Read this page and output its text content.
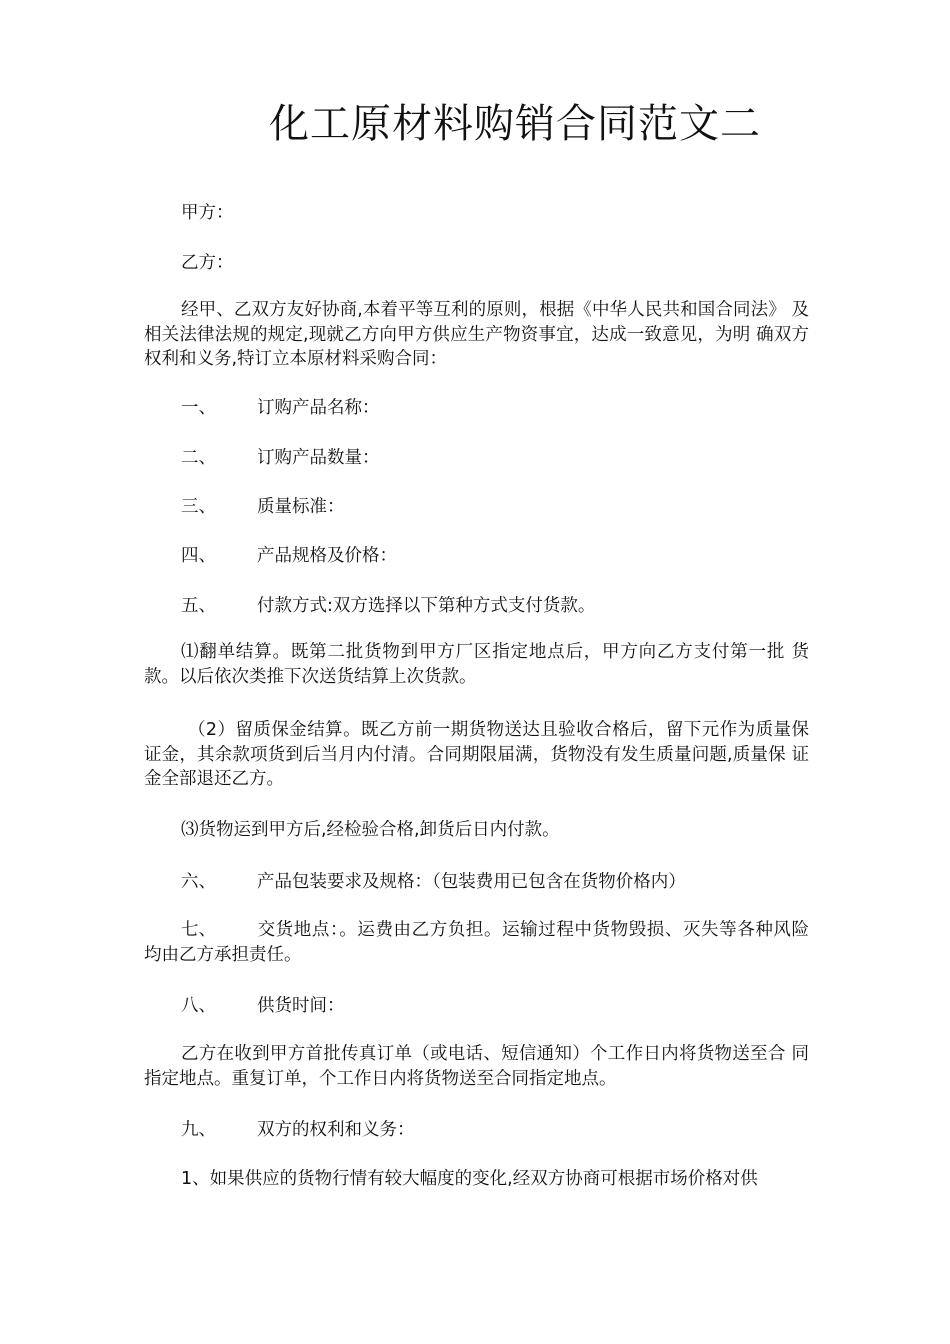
化工原材料购销合同范文二
甲方：
乙方：
经甲、乙双方友好协商,本着平等互利的原则，根据《中华人民共和国合同法》 及相关法律法规的规定,现就乙方向甲方供应生产物资事宜，达成一致意见，为明 确双方权利和义务,特订立本原材料采购合同：
一、 订购产品名称：
二、 订购产品数量：
三、 质量标准：
四、 产品规格及价格：
五、 付款方式:双方选择以下第种方式支付货款。
⑴翻单结算。既第二批货物到甲方厂区指定地点后，甲方向乙方支付第一批 货款。以后依次类推下次送货结算上次货款。
（2）留质保金结算。既乙方前一期货物送达且验收合格后，留下元作为质量保 证金，其余款项货到后当月内付清。合同期限届满，货物没有发生质量问题,质量保 证金全部退还乙方。
⑶货物运到甲方后,经检验合格,卸货后日内付款。
六、 产品包装要求及规格：（包装费用已包含在货物价格内）
七、 交货地点：。运费由乙方负担。运输过程中货物毁损、灭失等各种风险 均由乙方承担责任。
八、 供货时间：
乙方在收到甲方首批传真订单（或电话、短信通知）个工作日内将货物送至合 同指定地点。重复订单，个工作日内将货物送至合同指定地点。
九、 双方的权利和义务：
1、如果供应的货物行情有较大幅度的变化,经双方协商可根据市场价格对供
